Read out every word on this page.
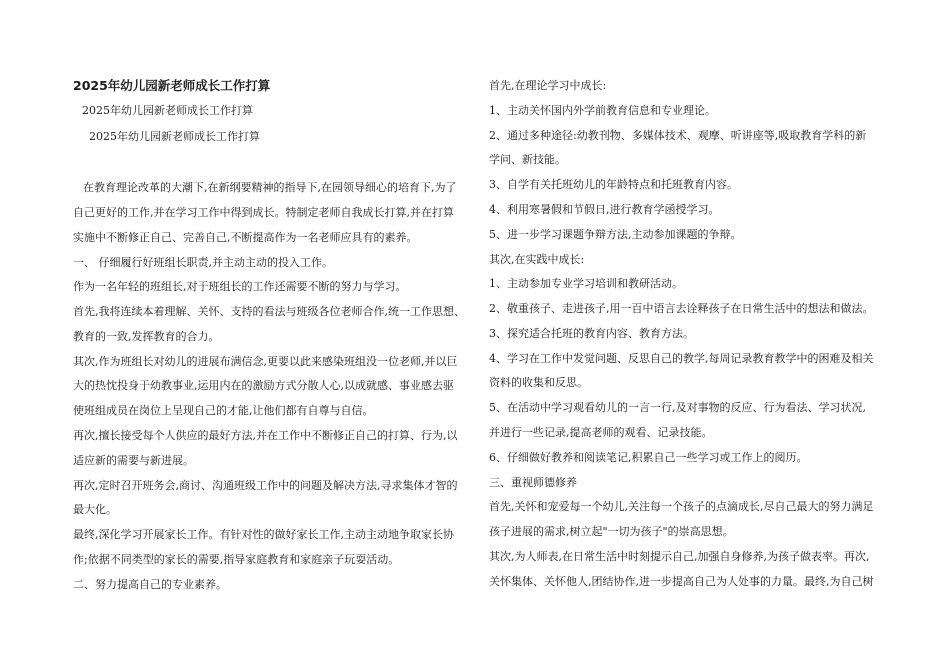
2025年幼儿园新老师成长工作打算
2025年幼儿园新老师成长工作打算
2025年幼儿园新老师成长工作打算
在教育理论改革的大潮下,在新纲要精神的指导下,在园领导细心的培育下,为了
自己更好的工作,并在学习工作中得到成长。特制定老师自我成长打算,并在打算
实施中不断修正自己、完善自己,不断提高作为一名老师应具有的素养。
一、 仔细履行好班组长职责,并主动主动的投入工作。
作为一名年轻的班组长,对于班组长的工作还需要不断的努力与学习。
首先,我将连续本着理解、关怀、支持的看法与班级各位老师合作,统一工作思想、
教育的一致,发挥教育的合力。
其次,作为班组长对幼儿的进展布满信念,更要以此来感染班组没一位老师,并以巨
大的热忱投身于幼教事业,运用内在的激励方式分散人心,以成就感、事业感去驱
使班组成员在岗位上呈现自己的才能,让他们都有自尊与自信。
再次,擅长接受每个人供应的最好方法,并在工作中不断修正自己的打算、行为,以
适应新的需要与新进展。
再次,定时召开班务会,商讨、沟通班级工作中的问题及解决方法,寻求集体才智的
最大化。
最终,深化学习开展家长工作。有针对性的做好家长工作,主动主动地争取家长协
作;依据不同类型的家长的需要,指导家庭教育和家庭亲子玩耍活动。
二、努力提高自己的专业素养。
首先,在理论学习中成长:
1、主动关怀国内外学前教育信息和专业理论。
2、通过多种途径:幼教刊物、多媒体技术、观摩、听讲座等,吸取教育学科的新
学问、新技能。
3、自学有关托班幼儿的年龄特点和托班教育内容。
4、利用寒暑假和节假日,进行教育学函授学习。
5、进一步学习课题争辩方法,主动参加课题的争辩。
其次,在实践中成长:
1、主动参加专业学习培训和教研活动。
2、敬重孩子、走进孩子,用一百中语言去诠释孩子在日常生活中的想法和做法。
3、探究适合托班的教育内容、教育方法。
4、学习在工作中发觉问题、反思自己的教学,每周记录教育教学中的困难及相关
资料的收集和反思。
5、在活动中学习观看幼儿的一言一行,及对事物的反应、行为看法、学习状况,
并进行一些记录,提高老师的观看、记录技能。
6、仔细做好教养和阅读笔记,积累自己一些学习或工作上的阅历。
三、重视师德修养
首先,关怀和宠爱每一个幼儿,关注每一个孩子的点滴成长,尽自己最大的努力满足
孩子进展的需求,树立起"一切为孩子"的崇高思想。
其次,为人师表,在日常生活中时刻提示自己,加强自身修养,为孩子做表率。再次,
关怀集体、关怀他人,团结协作,进一步提高自己为人处事的力量。最终,为自己树
